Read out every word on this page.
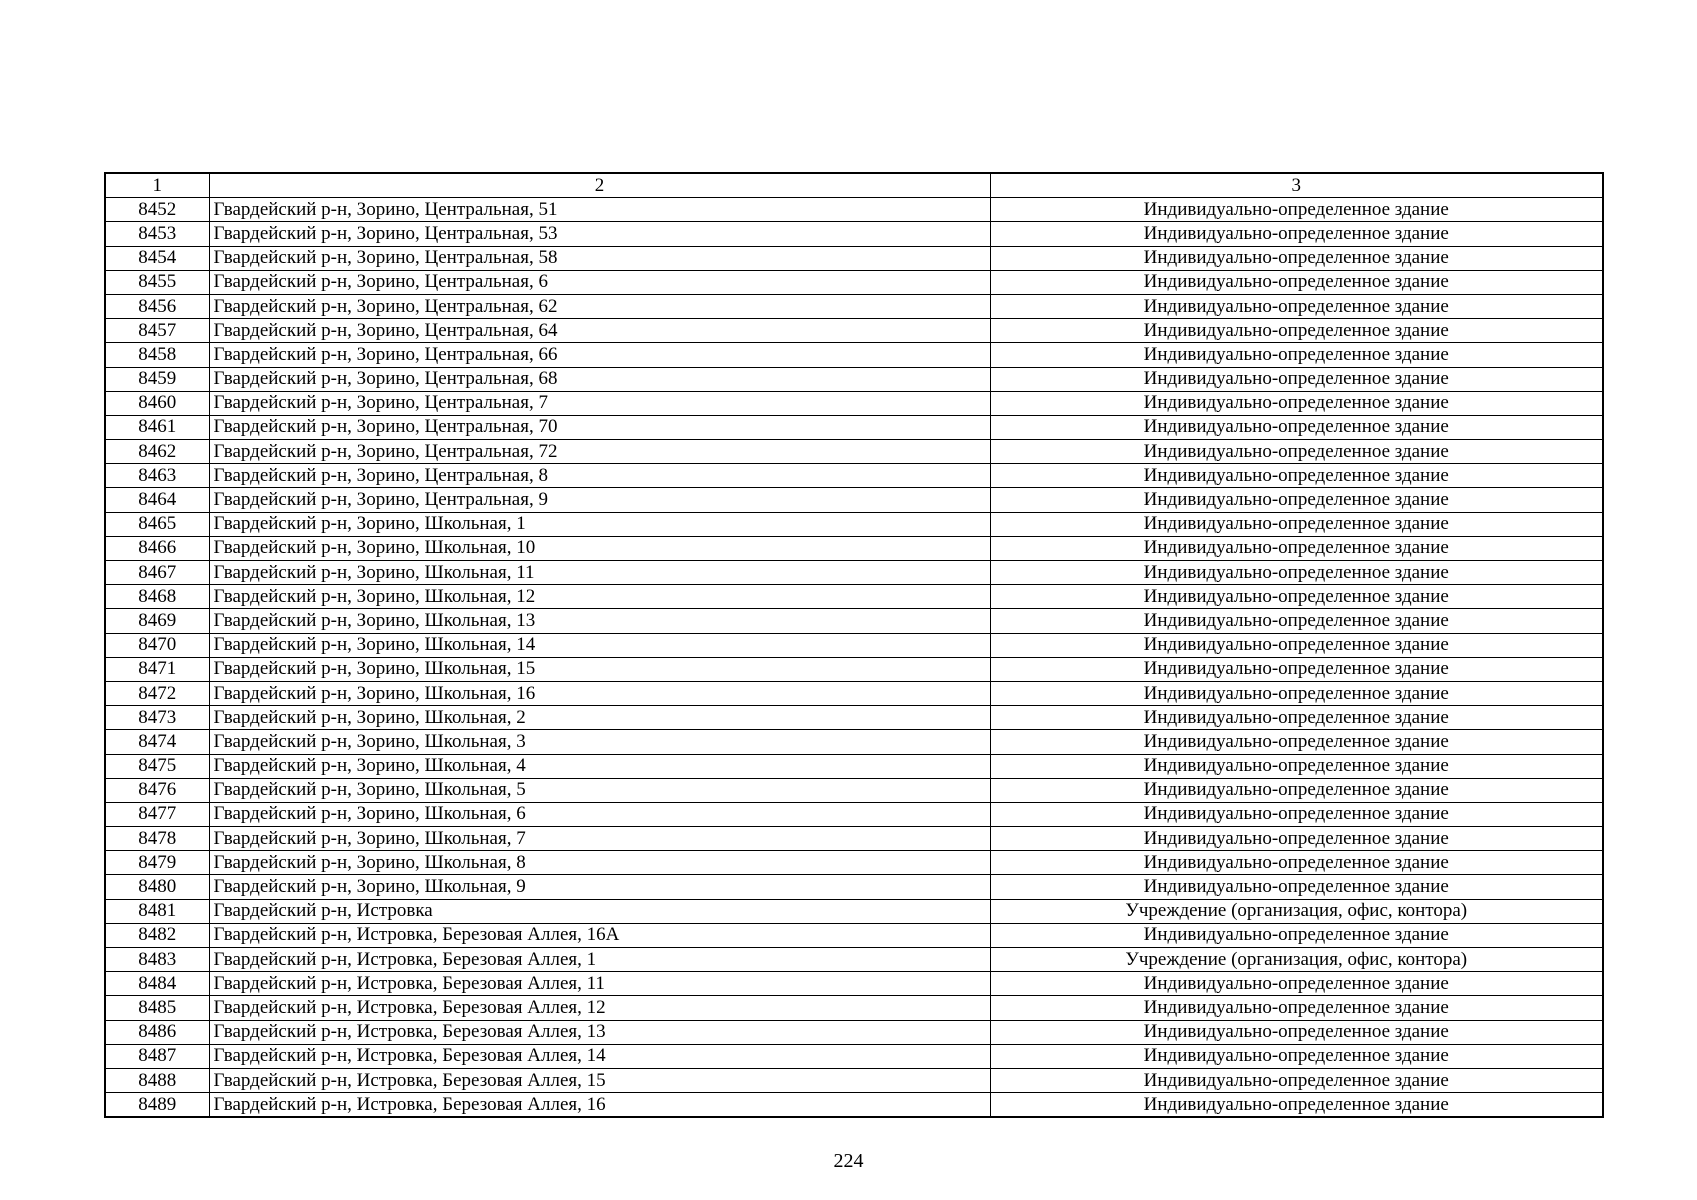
1	2	3
8452	Гвардейский р-н, Зорино, Центральная, 51	Индивидуально-определенное здание
8453	Гвардейский р-н, Зорино, Центральная, 53	Индивидуально-определенное здание
8454	Гвардейский р-н, Зорино, Центральная, 58	Индивидуально-определенное здание
8455	Гвардейский р-н, Зорино, Центральная, 6	Индивидуально-определенное здание
8456	Гвардейский р-н, Зорино, Центральная, 62	Индивидуально-определенное здание
8457	Гвардейский р-н, Зорино, Центральная, 64	Индивидуально-определенное здание
8458	Гвардейский р-н, Зорино, Центральная, 66	Индивидуально-определенное здание
8459	Гвардейский р-н, Зорино, Центральная, 68	Индивидуально-определенное здание
8460	Гвардейский р-н, Зорино, Центральная, 7	Индивидуально-определенное здание
8461	Гвардейский р-н, Зорино, Центральная, 70	Индивидуально-определенное здание
8462	Гвардейский р-н, Зорино, Центральная, 72	Индивидуально-определенное здание
8463	Гвардейский р-н, Зорино, Центральная, 8	Индивидуально-определенное здание
8464	Гвардейский р-н, Зорино, Центральная, 9	Индивидуально-определенное здание
8465	Гвардейский р-н, Зорино, Школьная, 1	Индивидуально-определенное здание
8466	Гвардейский р-н, Зорино, Школьная, 10	Индивидуально-определенное здание
8467	Гвардейский р-н, Зорино, Школьная, 11	Индивидуально-определенное здание
8468	Гвардейский р-н, Зорино, Школьная, 12	Индивидуально-определенное здание
8469	Гвардейский р-н, Зорино, Школьная, 13	Индивидуально-определенное здание
8470	Гвардейский р-н, Зорино, Школьная, 14	Индивидуально-определенное здание
8471	Гвардейский р-н, Зорино, Школьная, 15	Индивидуально-определенное здание
8472	Гвардейский р-н, Зорино, Школьная, 16	Индивидуально-определенное здание
8473	Гвардейский р-н, Зорино, Школьная, 2	Индивидуально-определенное здание
8474	Гвардейский р-н, Зорино, Школьная, 3	Индивидуально-определенное здание
8475	Гвардейский р-н, Зорино, Школьная, 4	Индивидуально-определенное здание
8476	Гвардейский р-н, Зорино, Школьная, 5	Индивидуально-определенное здание
8477	Гвардейский р-н, Зорино, Школьная, 6	Индивидуально-определенное здание
8478	Гвардейский р-н, Зорино, Школьная, 7	Индивидуально-определенное здание
8479	Гвардейский р-н, Зорино, Школьная, 8	Индивидуально-определенное здание
8480	Гвардейский р-н, Зорино, Школьная, 9	Индивидуально-определенное здание
8481	Гвардейский р-н, Истровка	Учреждение (организация, офис, контора)
8482	Гвардейский р-н, Истровка, Березовая Аллея, 16А	Индивидуально-определенное здание
8483	Гвардейский р-н, Истровка, Березовая Аллея, 1	Учреждение (организация, офис, контора)
8484	Гвардейский р-н, Истровка, Березовая Аллея, 11	Индивидуально-определенное здание
8485	Гвардейский р-н, Истровка, Березовая Аллея, 12	Индивидуально-определенное здание
8486	Гвардейский р-н, Истровка, Березовая Аллея, 13	Индивидуально-определенное здание
8487	Гвардейский р-н, Истровка, Березовая Аллея, 14	Индивидуально-определенное здание
8488	Гвардейский р-н, Истровка, Березовая Аллея, 15	Индивидуально-определенное здание
8489	Гвардейский р-н, Истровка, Березовая Аллея, 16	Индивидуально-определенное здание
224
